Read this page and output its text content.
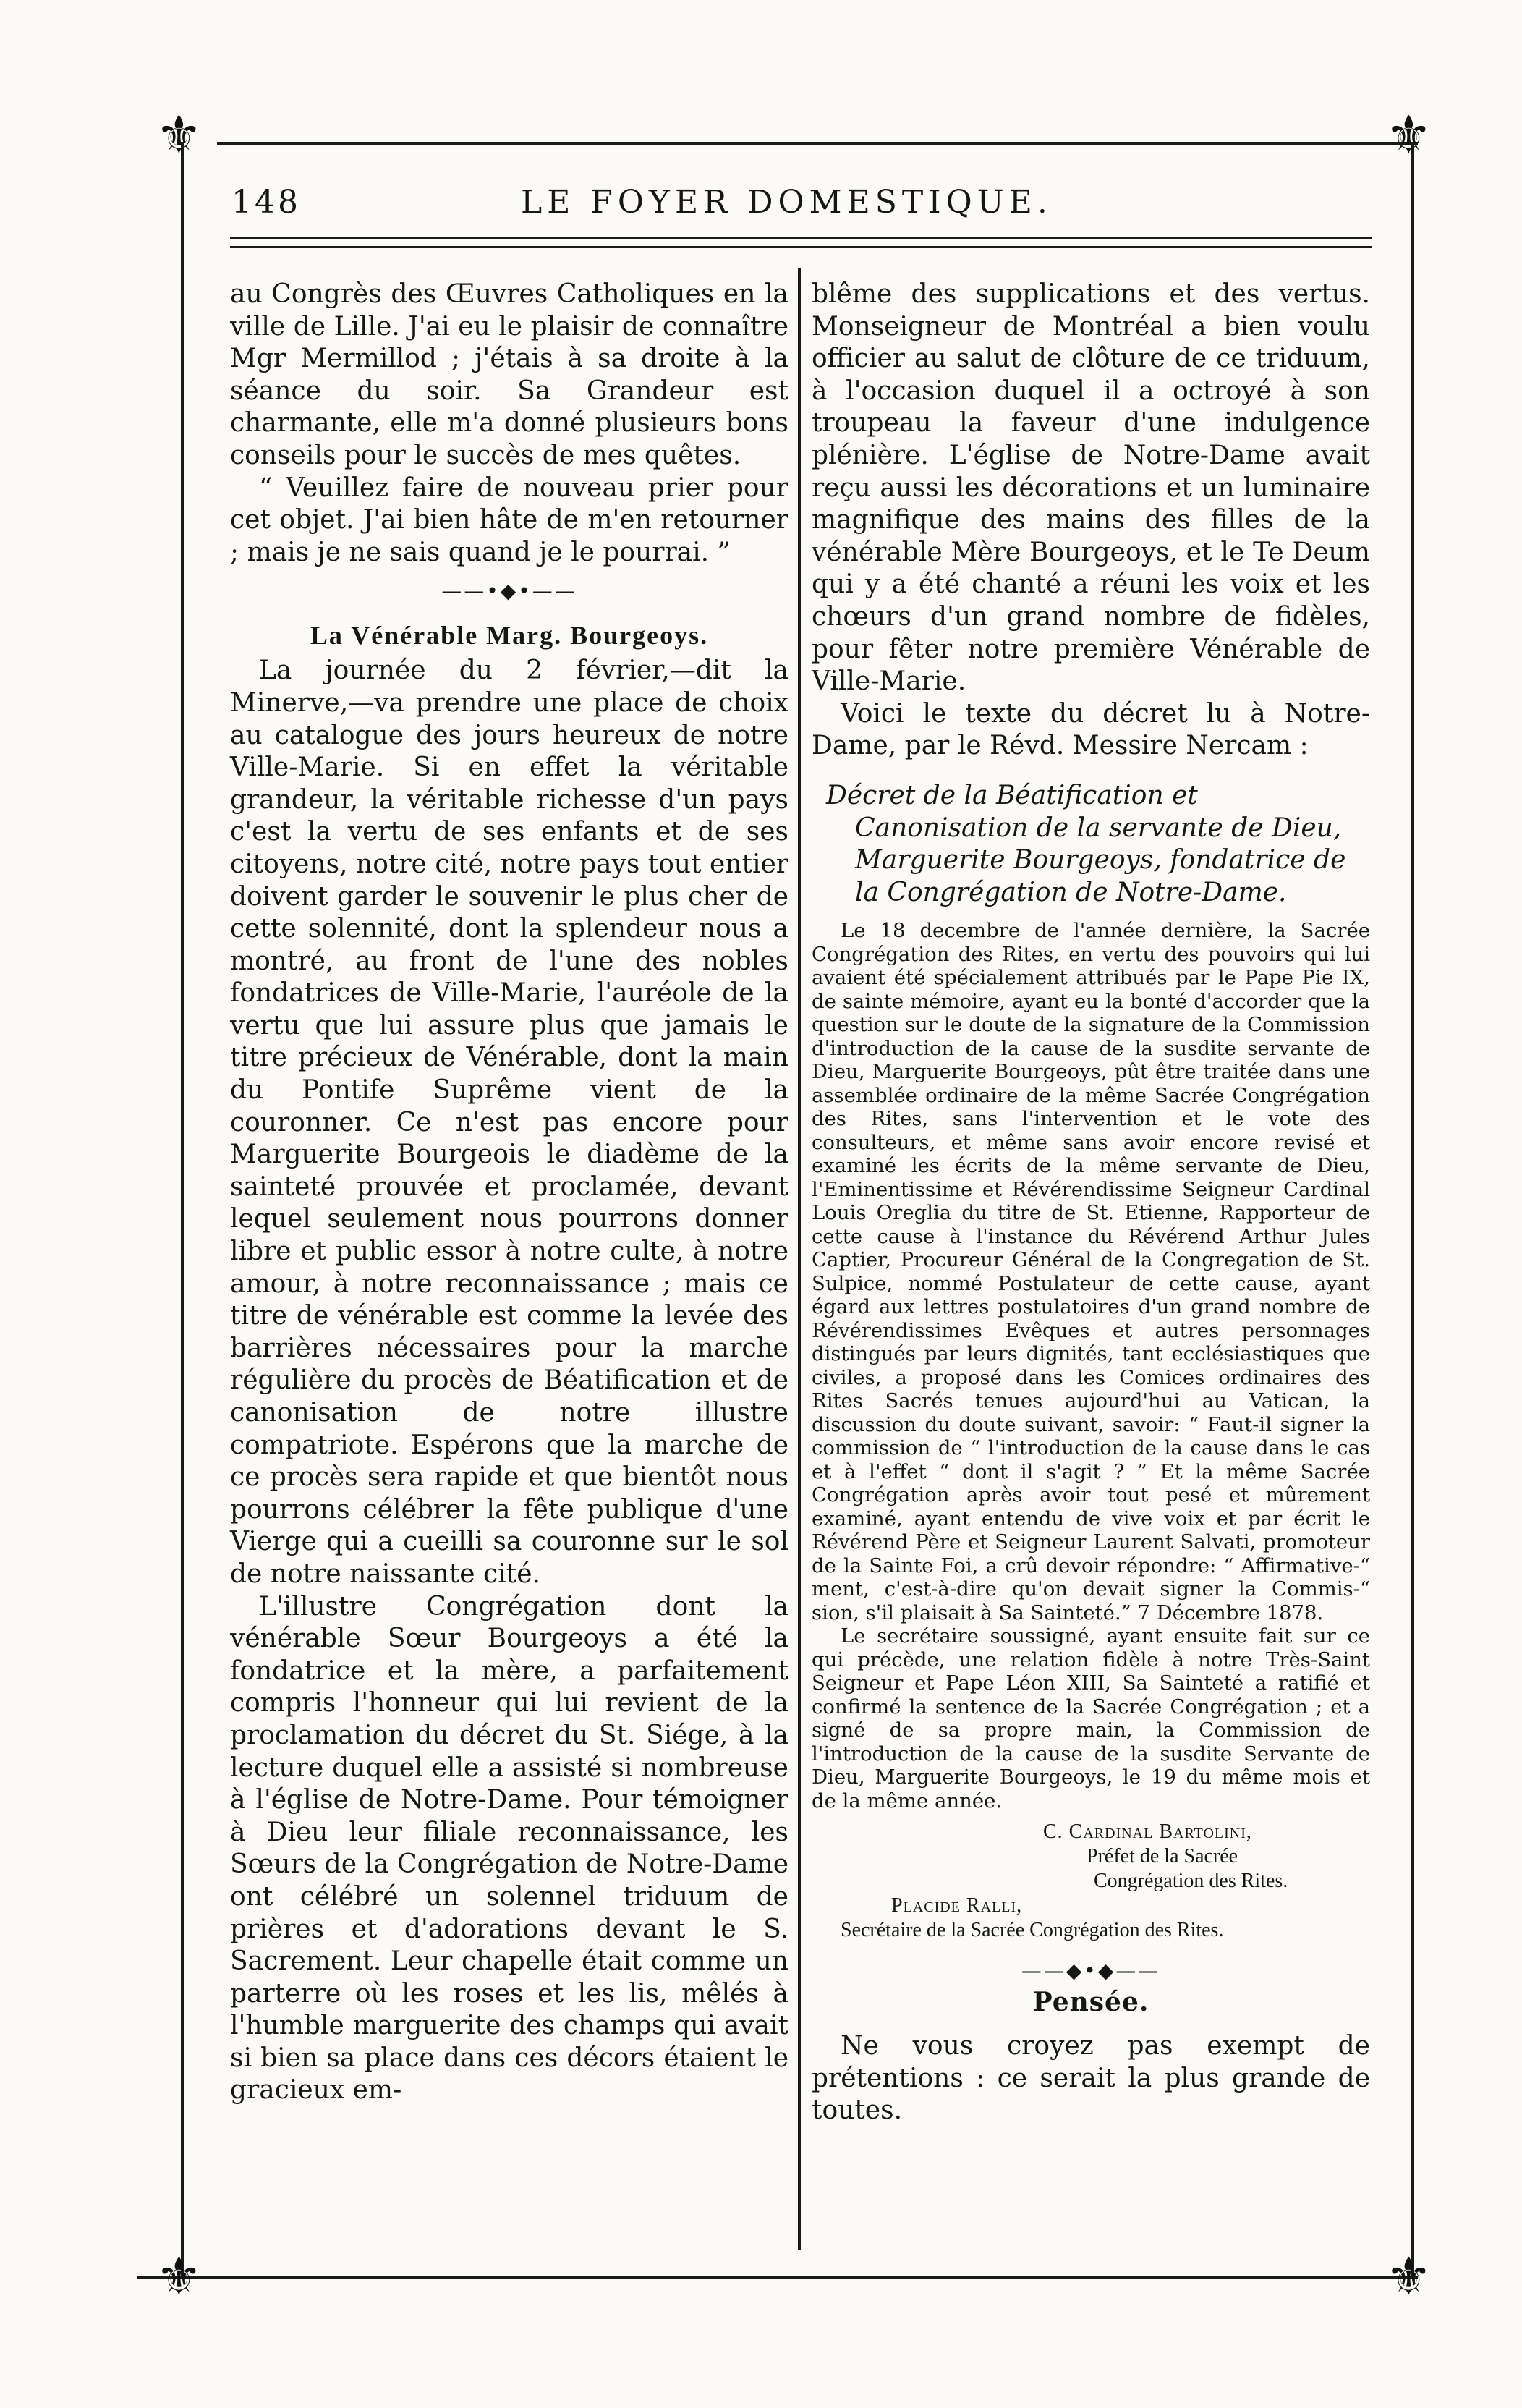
⚜	⚜
⚜	⚜
148	LE FOYER DOMESTIQUE.

au Congrès des Œuvres Catholiques en la ville de Lille. J'ai eu le plaisir de connaître Mgr Mermillod ; j'étais à sa droite à la séance du soir. Sa Grandeur est charmante, elle m'a donné plusieurs bons conseils pour le succès de mes quêtes.

“ Veuillez faire de nouveau prier pour cet objet. J'ai bien hâte de m'en retourner ; mais je ne sais quand je le pourrai. ”

——•◆•——
La Vénérable Marg. Bourgeoys.

La journée du 2 février,—dit la Minerve,—va prendre une place de choix au catalogue des jours heureux de notre Ville-Marie. Si en effet la véritable grandeur, la véritable richesse d'un pays c'est la vertu de ses enfants et de ses citoyens, notre cité, notre pays tout entier doivent garder le souvenir le plus cher de cette solennité, dont la splendeur nous a montré, au front de l'une des nobles fondatrices de Ville-Marie, l'auréole de la vertu que lui assure plus que jamais le titre précieux de Vénérable, dont la main du Pontife Suprême vient de la couronner. Ce n'est pas encore pour Marguerite Bourgeois le diadème de la sainteté prouvée et proclamée, devant lequel seulement nous pourrons donner libre et public essor à notre culte, à notre amour, à notre reconnaissance ; mais ce titre de vénérable est comme la levée des barrières nécessaires pour la marche régulière du procès de Béatification et de canonisation de notre illustre compatriote. Espérons que la marche de ce procès sera rapide et que bientôt nous pourrons célébrer la fête publique d'une Vierge qui a cueilli sa couronne sur le sol de notre naissante cité.

L'illustre Congrégation dont la vénérable Sœur Bourgeoys a été la fondatrice et la mère, a parfaitement compris l'honneur qui lui revient de la proclamation du décret du St. Siége, à la lecture duquel elle a assisté si nombreuse à l'église de Notre-Dame. Pour témoigner à Dieu leur filiale reconnaissance, les Sœurs de la Congrégation de Notre-Dame ont célébré un solennel triduum de prières et d'adorations devant le S. Sacrement. Leur chapelle était comme un parterre où les roses et les lis, mêlés à l'humble marguerite des champs qui avait si bien sa place dans ces décors étaient le gracieux em-

blême des supplications et des vertus. Monseigneur de Montréal a bien voulu officier au salut de clôture de ce triduum, à l'occasion duquel il a octroyé à son troupeau la faveur d'une indulgence plénière. L'église de Notre-Dame avait reçu aussi les décorations et un luminaire magnifique des mains des filles de la vénérable Mère Bourgeoys, et le Te Deum qui y a été chanté a réuni les voix et les chœurs d'un grand nombre de fidèles, pour fêter notre première Vénérable de Ville-Marie.

Voici le texte du décret lu à Notre-Dame, par le Révd. Messire Nercam :

Décret de la Béatification et Canonisation de la servante de Dieu, Marguerite Bourgeoys, fondatrice de la Congrégation de Notre-Dame.

Le 18 decembre de l'année dernière, la Sacrée Congrégation des Rites, en vertu des pouvoirs qui lui avaient été spécialement attribués par le Pape Pie IX, de sainte mémoire, ayant eu la bonté d'accorder que la question sur le doute de la signature de la Commission d'introduction de la cause de la susdite servante de Dieu, Marguerite Bourgeoys, pût être traitée dans une assemblée ordinaire de la même Sacrée Congrégation des Rites, sans l'intervention et le vote des consulteurs, et même sans avoir encore revisé et examiné les écrits de la même servante de Dieu, l'Eminentissime et Révérendissime Seigneur Cardinal Louis Oreglia du titre de St. Etienne, Rapporteur de cette cause à l'instance du Révérend Arthur Jules Captier, Procureur Général de la Congregation de St. Sulpice, nommé Postulateur de cette cause, ayant égard aux lettres postulatoires d'un grand nombre de Révérendissimes Evêques et autres personnages distingués par leurs dignités, tant ecclésiastiques que civiles, a proposé dans les Comices ordinaires des Rites Sacrés tenues aujourd'hui au Vatican, la discussion du doute suivant, savoir: “ Faut-il signer la commission de “ l'introduction de la cause dans le cas et à l'effet “ dont il s'agit ? ” Et la même Sacrée Congrégation après avoir tout pesé et mûrement examiné, ayant entendu de vive voix et par écrit le Révérend Père et Seigneur Laurent Salvati, promoteur de la Sainte Foi, a crû devoir répondre: “ Affirmative-“ ment, c'est-à-dire qu'on devait signer la Commis-“ sion, s'il plaisait à Sa Sainteté.” 7 Décembre 1878.

Le secrétaire soussigné, ayant ensuite fait sur ce qui précède, une relation fidèle à notre Très-Saint Seigneur et Pape Léon XIII, Sa Sainteté a ratifié et confirmé la sentence de la Sacrée Congrégation ; et a signé de sa propre main, la Commission de l'introduction de la cause de la susdite Servante de Dieu, Marguerite Bourgeoys, le 19 du même mois et de la même année.

C. Cardinal Bartolini,
Préfet de la Sacrée
Congrégation des Rites.
Placide Ralli,
Secrétaire de la Sacrée Congrégation des Rites.
——◆•◆——
Pensée.

Ne vous croyez pas exempt de prétentions : ce serait la plus grande de toutes.
